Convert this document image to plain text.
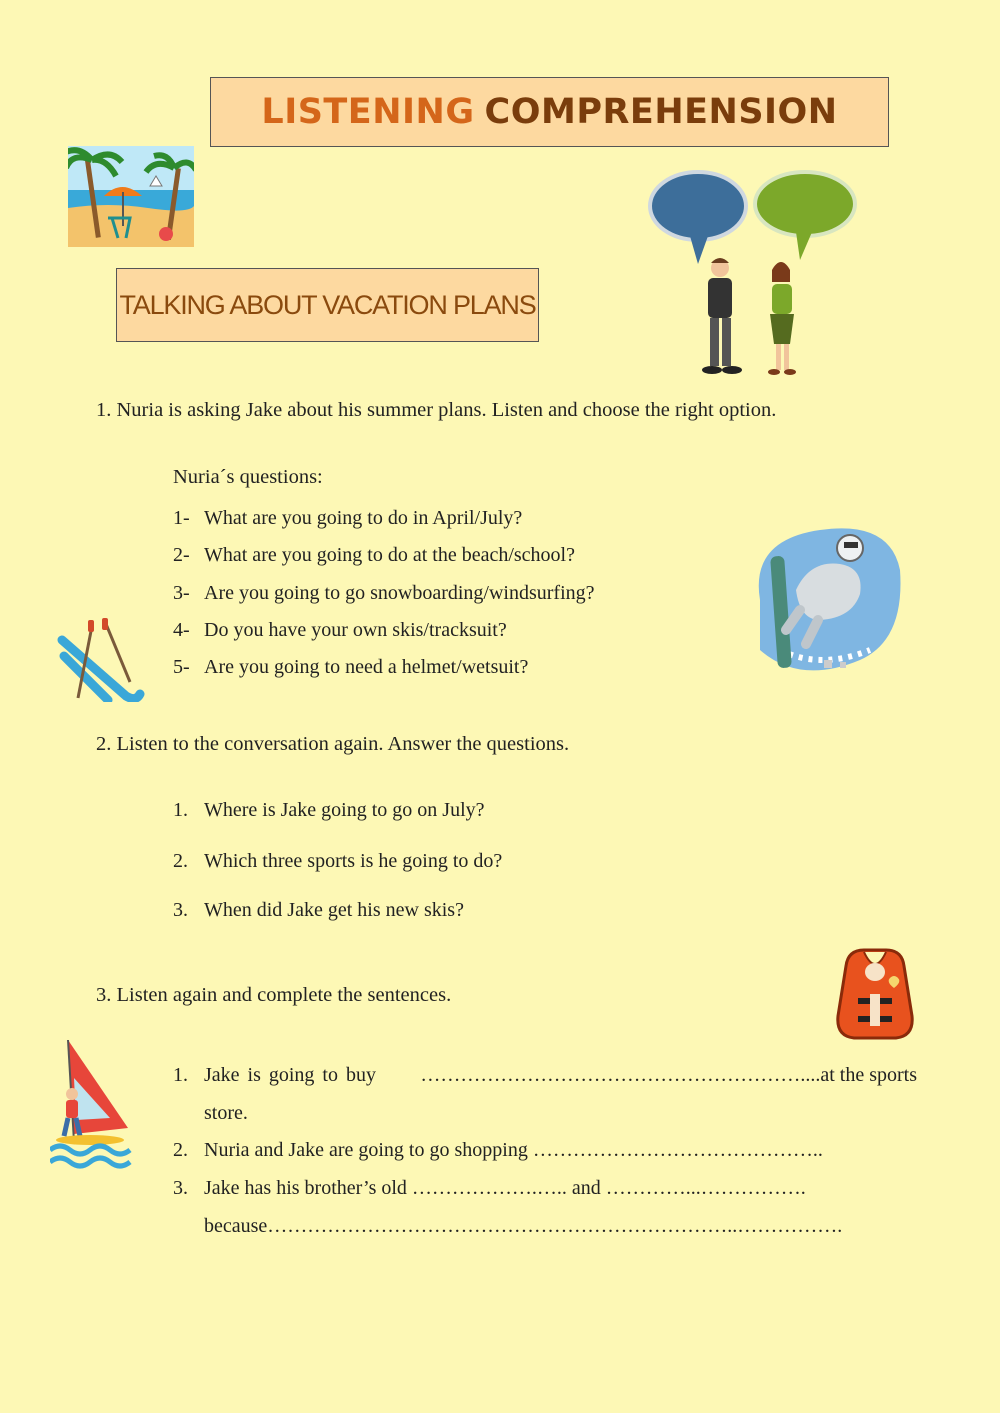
LISTENING COMPREHENSION
TALKING ABOUT VACATION PLANS
1. Nuria is asking Jake about his summer plans. Listen and choose the right option.
Nuria´s questions:
1- What are you going to do in April/July?
2- What are you going to do at the beach/school?
3- Are you going to go snowboarding/windsurfing?
4- Do you have your own skis/tracksuit?
5- Are you going to need a helmet/wetsuit?
2. Listen to the conversation again. Answer the questions.
1. Where is Jake going to go on July?
2. Which three sports is he going to do?
3. When did Jake get his new skis?
3. Listen again and complete the sentences.
1. Jake is going to buy	…………………………………………………....at the sports
store.
2. Nuria and Jake are going to go shopping ……………………………………..
3. Jake has his brother’s old ……………….….. and …………...…………….
because……………………………………………………………..…………….
